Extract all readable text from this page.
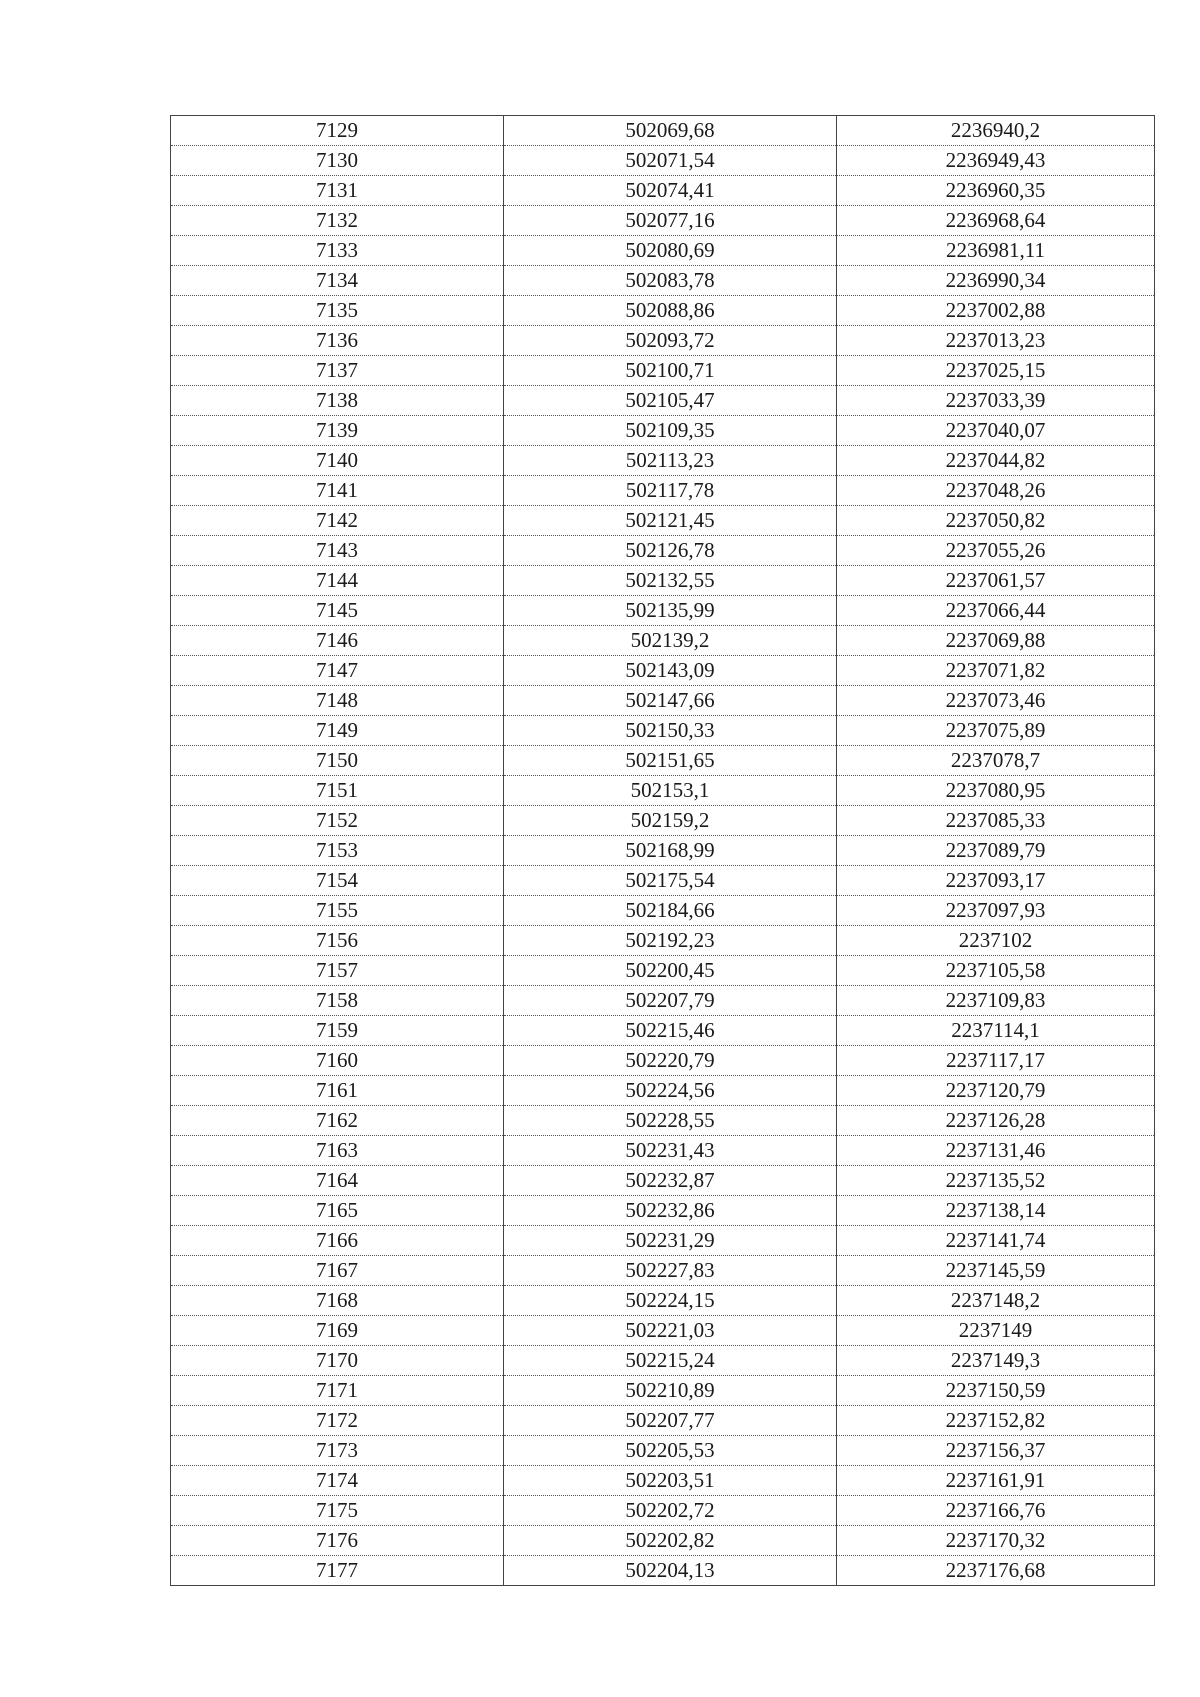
7129	502069,68	2236940,2
7130	502071,54	2236949,43
7131	502074,41	2236960,35
7132	502077,16	2236968,64
7133	502080,69	2236981,11
7134	502083,78	2236990,34
7135	502088,86	2237002,88
7136	502093,72	2237013,23
7137	502100,71	2237025,15
7138	502105,47	2237033,39
7139	502109,35	2237040,07
7140	502113,23	2237044,82
7141	502117,78	2237048,26
7142	502121,45	2237050,82
7143	502126,78	2237055,26
7144	502132,55	2237061,57
7145	502135,99	2237066,44
7146	502139,2	2237069,88
7147	502143,09	2237071,82
7148	502147,66	2237073,46
7149	502150,33	2237075,89
7150	502151,65	2237078,7
7151	502153,1	2237080,95
7152	502159,2	2237085,33
7153	502168,99	2237089,79
7154	502175,54	2237093,17
7155	502184,66	2237097,93
7156	502192,23	2237102
7157	502200,45	2237105,58
7158	502207,79	2237109,83
7159	502215,46	2237114,1
7160	502220,79	2237117,17
7161	502224,56	2237120,79
7162	502228,55	2237126,28
7163	502231,43	2237131,46
7164	502232,87	2237135,52
7165	502232,86	2237138,14
7166	502231,29	2237141,74
7167	502227,83	2237145,59
7168	502224,15	2237148,2
7169	502221,03	2237149
7170	502215,24	2237149,3
7171	502210,89	2237150,59
7172	502207,77	2237152,82
7173	502205,53	2237156,37
7174	502203,51	2237161,91
7175	502202,72	2237166,76
7176	502202,82	2237170,32
7177	502204,13	2237176,68
